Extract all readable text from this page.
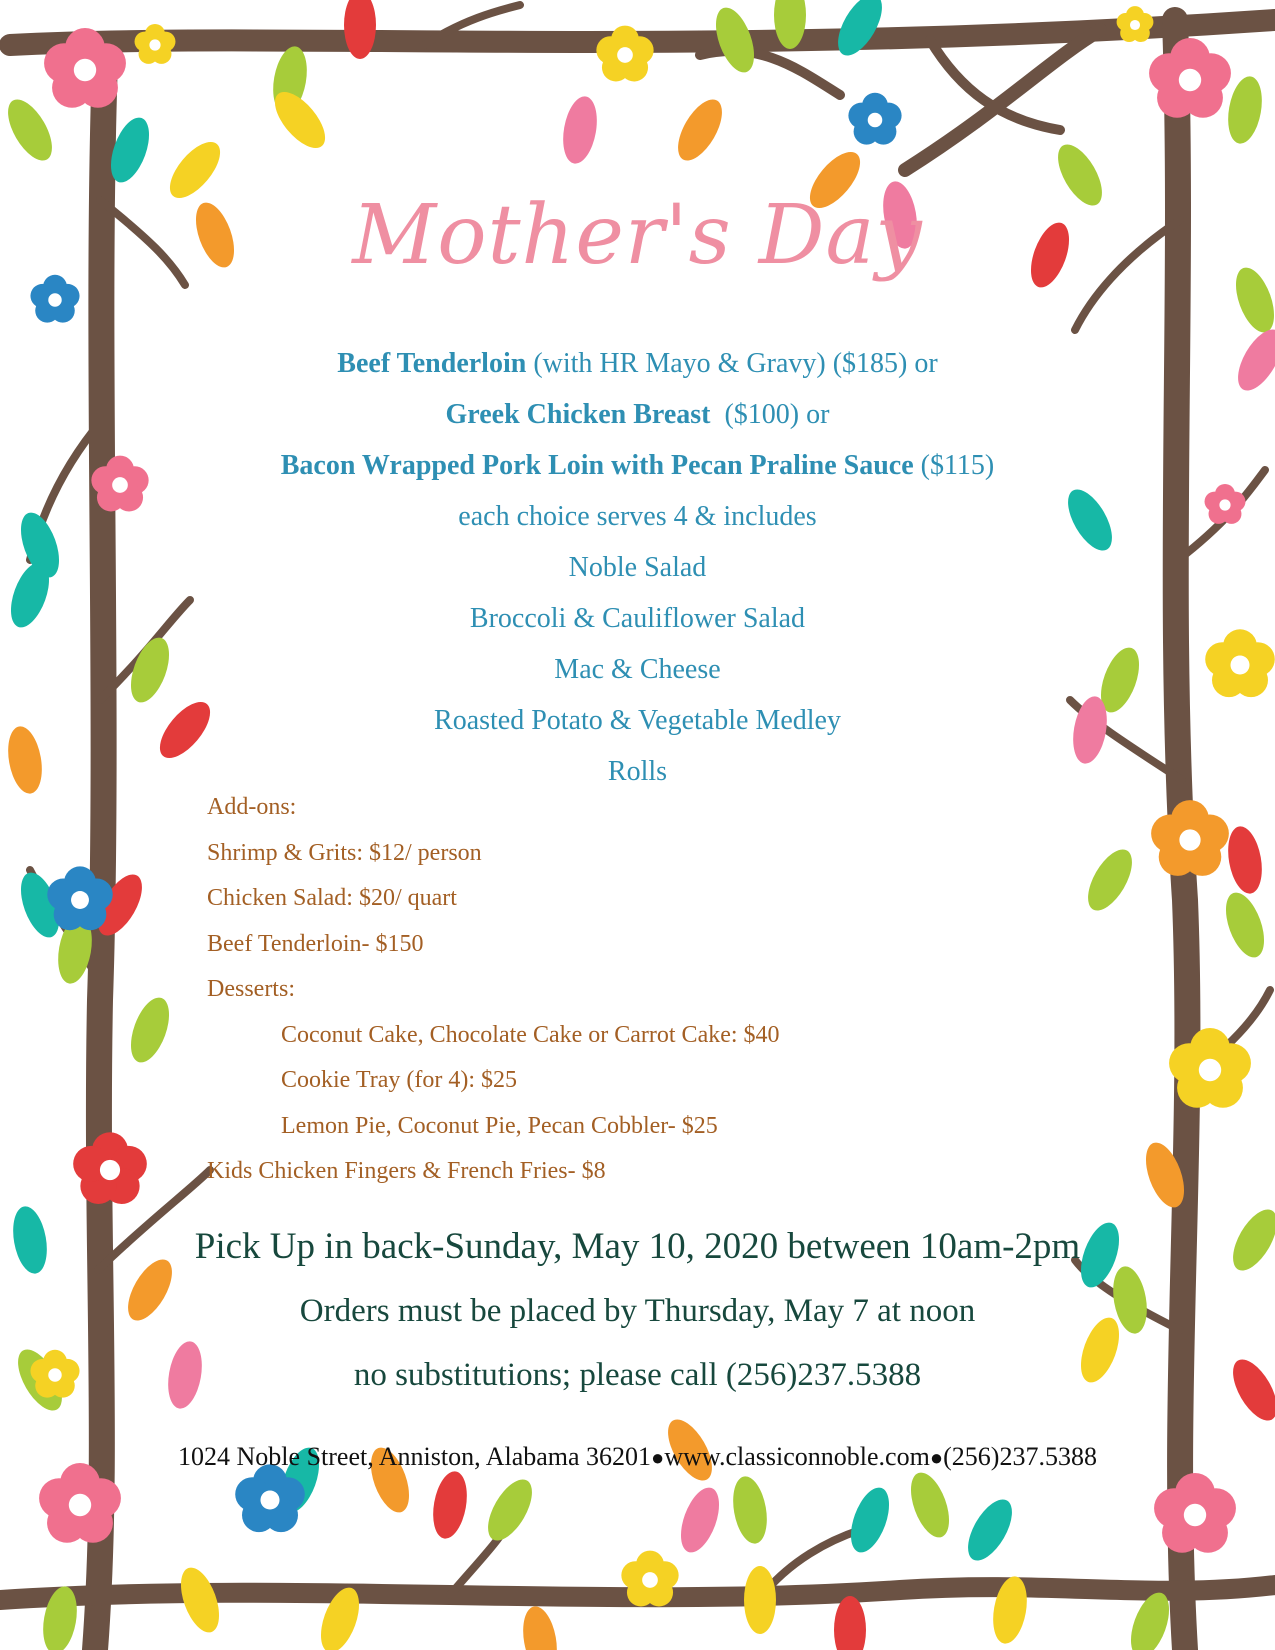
Mother's Day
Beef Tenderloin (with HR Mayo & Gravy) ($185) or
Greek Chicken Breast  ($100) or
Bacon Wrapped Pork Loin with Pecan Praline Sauce ($115)
each choice serves 4 & includes
Noble Salad
Broccoli & Cauliflower Salad
Mac & Cheese
Roasted Potato & Vegetable Medley
Rolls
Add-ons:
Shrimp & Grits: $12/ person
Chicken Salad: $20/ quart
Beef Tenderloin- $150
Desserts:
Coconut Cake, Chocolate Cake or Carrot Cake: $40
Cookie Tray (for 4): $25
Lemon Pie, Coconut Pie, Pecan Cobbler- $25
Kids Chicken Fingers & French Fries- $8
Pick Up in back-Sunday, May 10, 2020 between 10am-2pm
Orders must be placed by Thursday, May 7 at noon
no substitutions; please call (256)237.5388
1024 Noble Street, Anniston, Alabama 36201●www.classiconnoble.com●(256)237.5388
